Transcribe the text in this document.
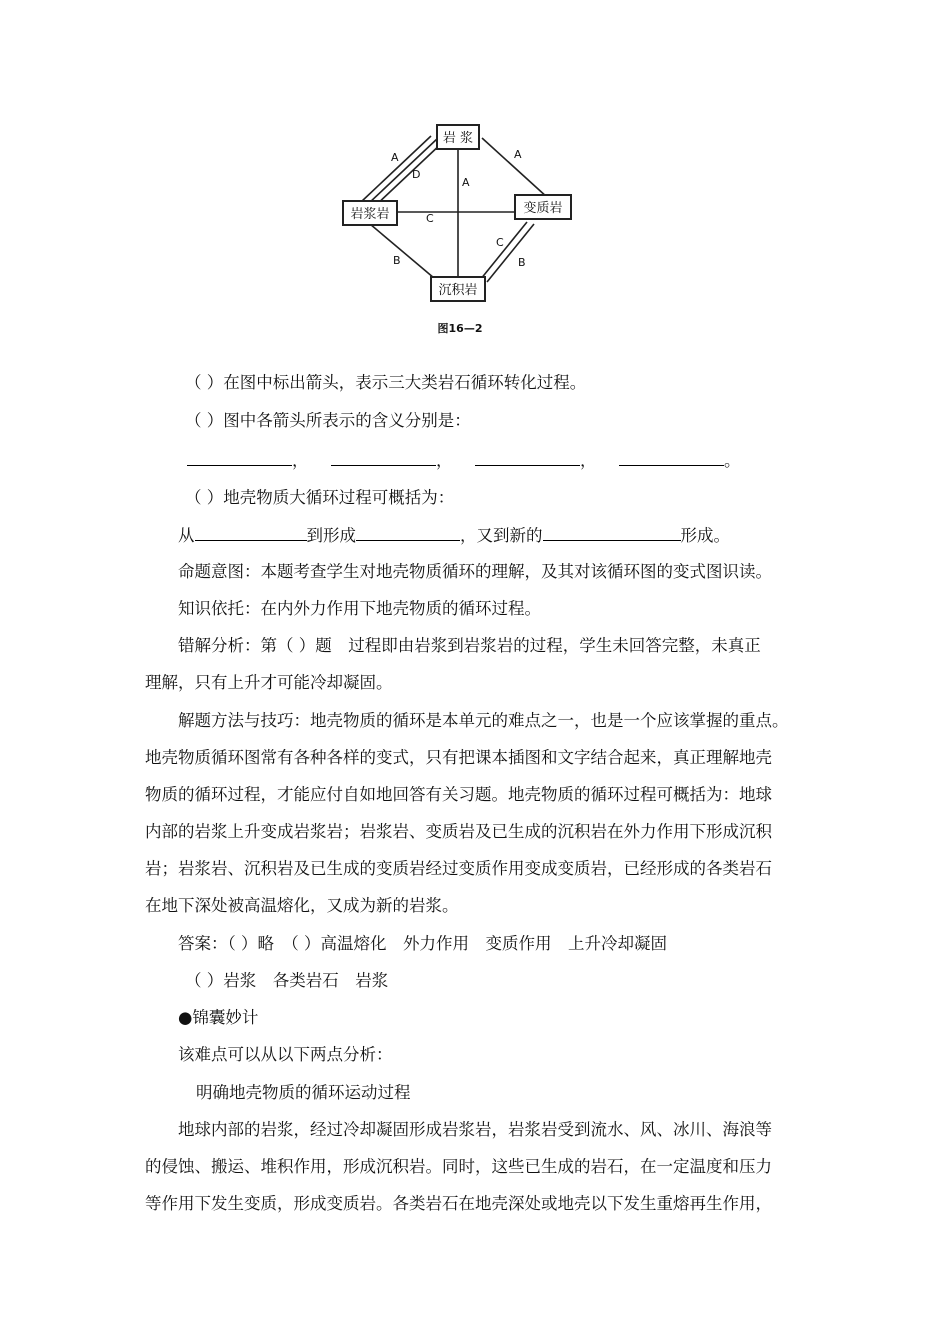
岩 浆
岩浆岩	变质岩
沉积岩
A
D
A
A
C
C
B	B
图16—2
（ ）在图中标出箭头，表示三大类岩石循环转化过程。
（ ）图中各箭头所表示的含义分别是：
，	，	，	。
（ ）地壳物质大循环过程可概括为：
从	到形成	，又到新的	形成。
命题意图：本题考查学生对地壳物质循环的理解，及其对该循环图的变式图识读。
知识依托：在内外力作用下地壳物质的循环过程。
错解分析：第（ ）题　过程即由岩浆到岩浆岩的过程，学生未回答完整，未真正
理解，只有上升才可能冷却凝固。
解题方法与技巧：地壳物质的循环是本单元的难点之一，也是一个应该掌握的重点。
地壳物质循环图常有各种各样的变式，只有把课本插图和文字结合起来，真正理解地壳
物质的循环过程，才能应付自如地回答有关习题。地壳物质的循环过程可概括为：地球
内部的岩浆上升变成岩浆岩；岩浆岩、变质岩及已生成的沉积岩在外力作用下形成沉积
岩；岩浆岩、沉积岩及已生成的变质岩经过变质作用变成变质岩，已经形成的各类岩石
在地下深处被高温熔化，又成为新的岩浆。
答案：（ ）略　（ ）高温熔化　外力作用　变质作用　上升冷却凝固
（ ）岩浆　各类岩石　岩浆
●锦囊妙计
该难点可以从以下两点分析：
明确地壳物质的循环运动过程
地球内部的岩浆，经过冷却凝固形成岩浆岩，岩浆岩受到流水、风、冰川、海浪等
的侵蚀、搬运、堆积作用，形成沉积岩。同时，这些已生成的岩石，在一定温度和压力
等作用下发生变质，形成变质岩。各类岩石在地壳深处或地壳以下发生重熔再生作用，
